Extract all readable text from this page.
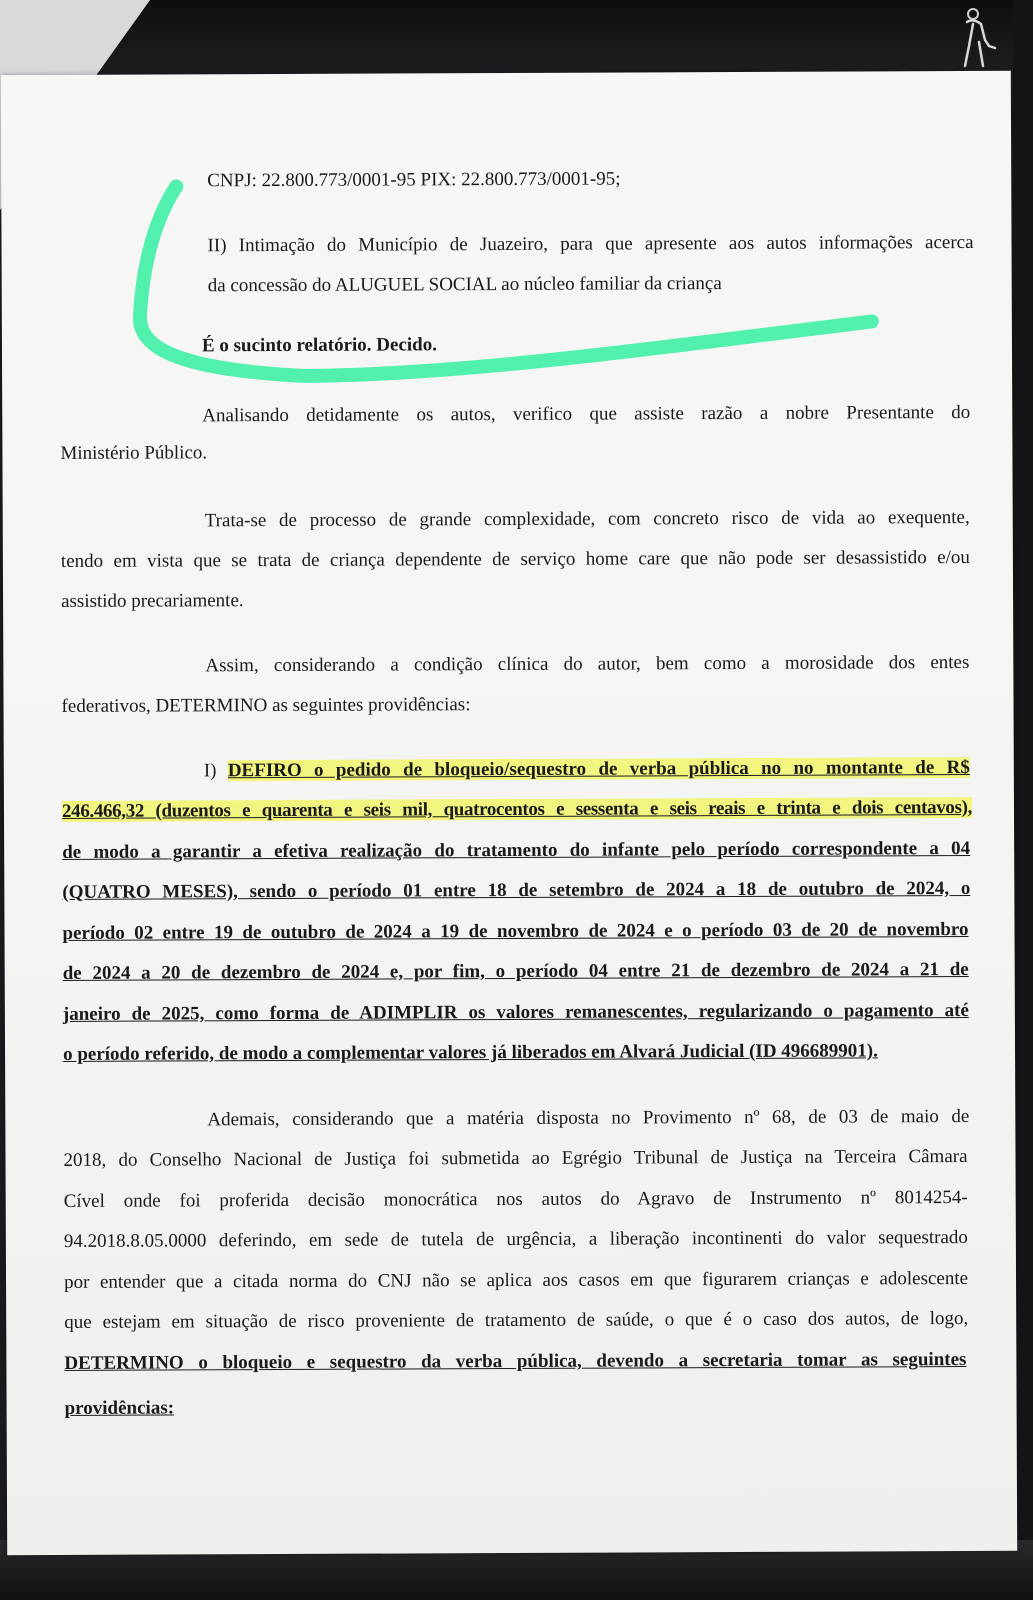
CNPJ: 22.800.773/0001-95 PIX: 22.800.773/0001-95;
II) Intimação do Município de Juazeiro, para que apresente aos autos informações acerca
da concessão do ALUGUEL SOCIAL ao núcleo familiar da criança
É o sucinto relatório. Decido.
Analisando detidamente os autos, verifico que assiste razão a nobre Presentante do
Ministério Público.
Trata-se de processo de grande complexidade, com concreto risco de vida ao exequente,
tendo em vista que se trata de criança dependente de serviço home care que não pode ser desassistido e/ou
assistido precariamente.
Assim, considerando a condição clínica do autor, bem como a morosidade dos entes
federativos, DETERMINO as seguintes providências:
I) DEFIRO o pedido de bloqueio/sequestro de verba pública no no montante de R$
246.466,32 (duzentos e quarenta e seis mil, quatrocentos e sessenta e seis reais e trinta e dois centavos),
de modo a garantir a efetiva realização do tratamento do infante pelo período correspondente a 04
(QUATRO MESES), sendo o período 01 entre 18 de setembro de 2024 a 18 de outubro de 2024, o
período 02 entre 19 de outubro de 2024 a 19 de novembro de 2024 e o período 03 de 20 de novembro
de 2024 a 20 de dezembro de 2024 e, por fim, o período 04 entre 21 de dezembro de 2024 a 21 de
janeiro de 2025, como forma de ADIMPLIR os valores remanescentes, regularizando o pagamento até
o período referido, de modo a complementar valores já liberados em Alvará Judicial (ID 496689901).
Ademais, considerando que a matéria disposta no Provimento nº 68, de 03 de maio de
2018, do Conselho Nacional de Justiça foi submetida ao Egrégio Tribunal de Justiça na Terceira Câmara
Cível onde foi proferida decisão monocrática nos autos do Agravo de Instrumento nº 8014254-
94.2018.8.05.0000 deferindo, em sede de tutela de urgência, a liberação incontinenti do valor sequestrado
por entender que a citada norma do CNJ não se aplica aos casos em que figurarem crianças e adolescente
que estejam em situação de risco proveniente de tratamento de saúde, o que é o caso dos autos, de logo,
DETERMINO o bloqueio e sequestro da verba pública, devendo a secretaria tomar as seguintes
providências:
